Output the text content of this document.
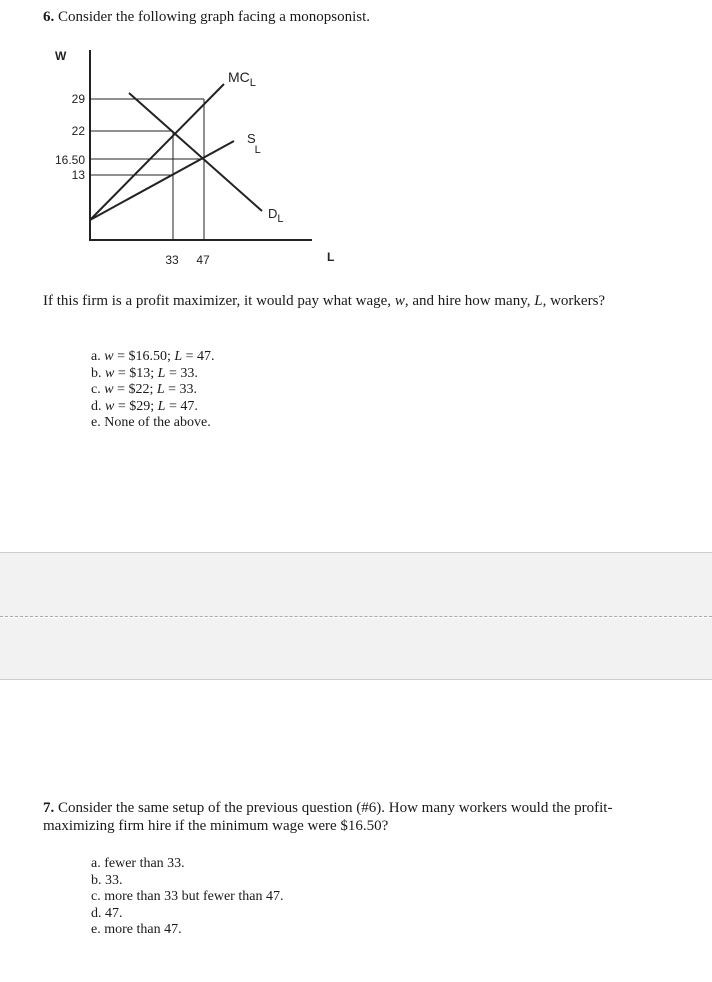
6. Consider the following graph facing a monopsonist.
W
L
29
22
16.50
13
33 47
$MC_L$
SL
$D_L$
If this firm is a profit maximizer, it would pay what wage, w, and hire how many, L, workers?
a. w = $16.50; L = 47.
b. w = $13; L = 33.
c. w = $22; L = 33.
d. w = $29; L = 47.
e. None of the above.
7. Consider the same setup of the previous question (#6). How many workers would the profit-maximizing firm hire if the minimum wage were $16.50?
a. fewer than 33.
b. 33.
c. more than 33 but fewer than 47.
d. 47.
e. more than 47.
